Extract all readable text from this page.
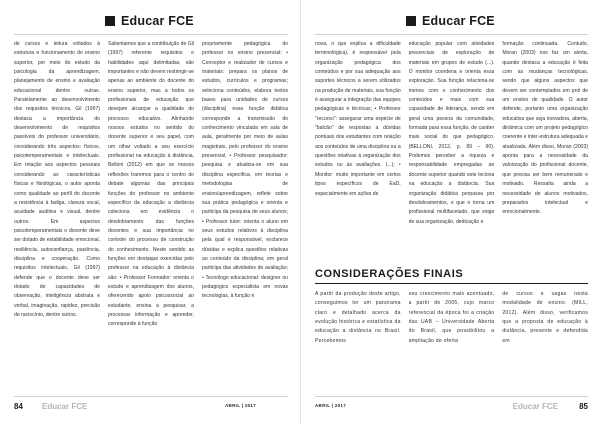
Educar FCE
de cursos e leitura voltados à estrutura e funcionamento do ensino superior, por meio do estudo da psicologia da aprendizagem, planejamento de ensino e avaliação educacional dentre outras. Paralelamente ao desenvolvimento dos requisitos técnicos, Gil (1997) destaca a importância do desenvolvimento de requisitos passíveis do professor universitário, considerando três aspectos: físicos, psicotemperamentais e intelectuais. Em relação aos aspectos pessoais considerando as características físicas e fisiológicas, o autor aponta como qualidade ao perfil do docente a resistência à fadiga, clareza vocal, acuidade auditiva e visual, dentre outros. Em aspectos psicotemperamentais o docente deve ser dotado de estabilidade emocional, resiliência, autoconfiança, paciência, disciplina e cooperação. Como requisitos intelectuais, Gil (1997) defende que o docente deve ser dotado de capacidades de observação, inteligência abstrata e verbal, imaginação, rapidez, precisão de raciocínio, dentre outros.
Salientamos que a contribuição de Gil (1997) referente requisitos e habilidades aqui delimitadas, são importantes e não devem restringir-se apenas ao ambiente do docente do ensino superior, mas a todos os profissionais de educação que desejam alcançar a qualidade do processo educativo. Alinhando nossos estudos no sentido do docente superior e seu papel, com um olhar voltado a seu exercício profissional na educação à distância, Belloni (2012) em que os nossos reflexões traremos para o centro do debate algumas das principais funções do professor no ambiente específico da educação a distância coleciona em evidência o desdobramento das funções docentes e sua importância no controle do processo de construção do conhecimento. Neste sentido as funções em destaque exercidas pelo professor na educação à distância são: • Professor Formador: orienta o estudo e aprendizagem dos alunos, oferecendo apoio psicossocial ao estudante, ensina a pesquisar, a processar informação e aprender, corresponde à função
propriamente pedagógica do professor no ensino presencial; • Conceptor e realizador de cursos e materiais: prepara os planos de estudos, currículos e programas; seleciona conteúdos, elabora textos bases para unidades de cursos (disciplina) essa função didática corresponde a transmissão do conhecimento vinculada em sala de aula, geralmente por meio de aulas magistrais, pelo professor do ensino presencial; • Professor pesquisador: pesquisa e atualiza-se em sua disciplina específica, em teorias e metodologias de ensino/aprendizagem, reflete sobre sua prática pedagógica e orienta e participa da pesquisa de seus alunos; • Professor tutor: orienta o aluno em seus estudos relativos à disciplina pela qual é responsável, esclarece dúvidas e explica questões relativas ao conteúdo da disciplina; em geral participa das atividades de avaliação; • Tecnólogo educacional: designer ou pedagógico especialista em novas tecnologias, à função é
84 Educar FCE	ABRIL | 2017
Educar FCE
nova, o que explica a dificuldade terminológica), é responsável pela organização pedagógica dos conteúdos e por sua adequação aos suportes técnicos a serem utilizados na produção de materiais, sua função é assegurar a integração das equipes pedagógicas e técnicas; • Professor "recurso": assegurar uma espécie de "balcão" de respostas a dúvidas pontuais dos estudantes com relação aos conteúdos de uma disciplina ou a questões relativas à organização dos estudos ou às avaliações. (...); • Monitor: muito importante em certos tipos específicos de EaD, especialmente em ações de
educação popular com atividades presenciais de exploração de materiais em grupos de estudo (...). O monitor coordena e orienta essa exploração. Sua função relaciona-se menos com o conhecimento dos conteúdos e mais com sua capacidade de liderança, sendo em geral uma pessoa da comunidade, formada para essa função, de caráter mais social do que pedagógico. (BELLONI, 2012, p. 89 – 90). Podemos perceber a riqueza e responsabilidade empregadas ao docente superior quando este leciona na educação a distância. Sua organização didática perpassa por desdobramentos, o que o torna um profissional multifacetado, que exige de sua organização, dedicação e
formação continuada. Contudo, Moran (2003) nos faz um alerta, quando destaca a educação é feita com as mudanças tecnológicas, sendo que alguns aspectos que devem ser contemplados em prol de um ensino de qualidade. O autor defende, portanto uma organização educativa que seja inovadora, aberta, dinâmica com um projeto pedagógico coerente e inter-estrutura adequada e atualizada. Além disso, Moran (2003) aponta para a necessidade da valorização do profissional docente, que precisa ser bem remunerado e motivado. Ressalta ainda a necessidade de alunos motivados, preparados intelectual e emocionalmente.
CONSIDERAÇÕES FINAIS
A partir da produção deste artigo, conseguimos ter um panorama claro e detalhado acerca da evolução histórica e estatística da educação a distância no Brasil. Percebemos
seu crescimento mais acentuado, a partir de 2005, cujo marco referencial da época foi a criação das UAB – Universidade Aberta do Brasil, que possibilitou a ampliação de oferta
de cursos e vagas nesta modalidade de ensino. (MILL, 2012). Além disso, verificamos que a proposta de educação à distância, presente e defendida em
ABRIL | 2017	Educar FCE	85
